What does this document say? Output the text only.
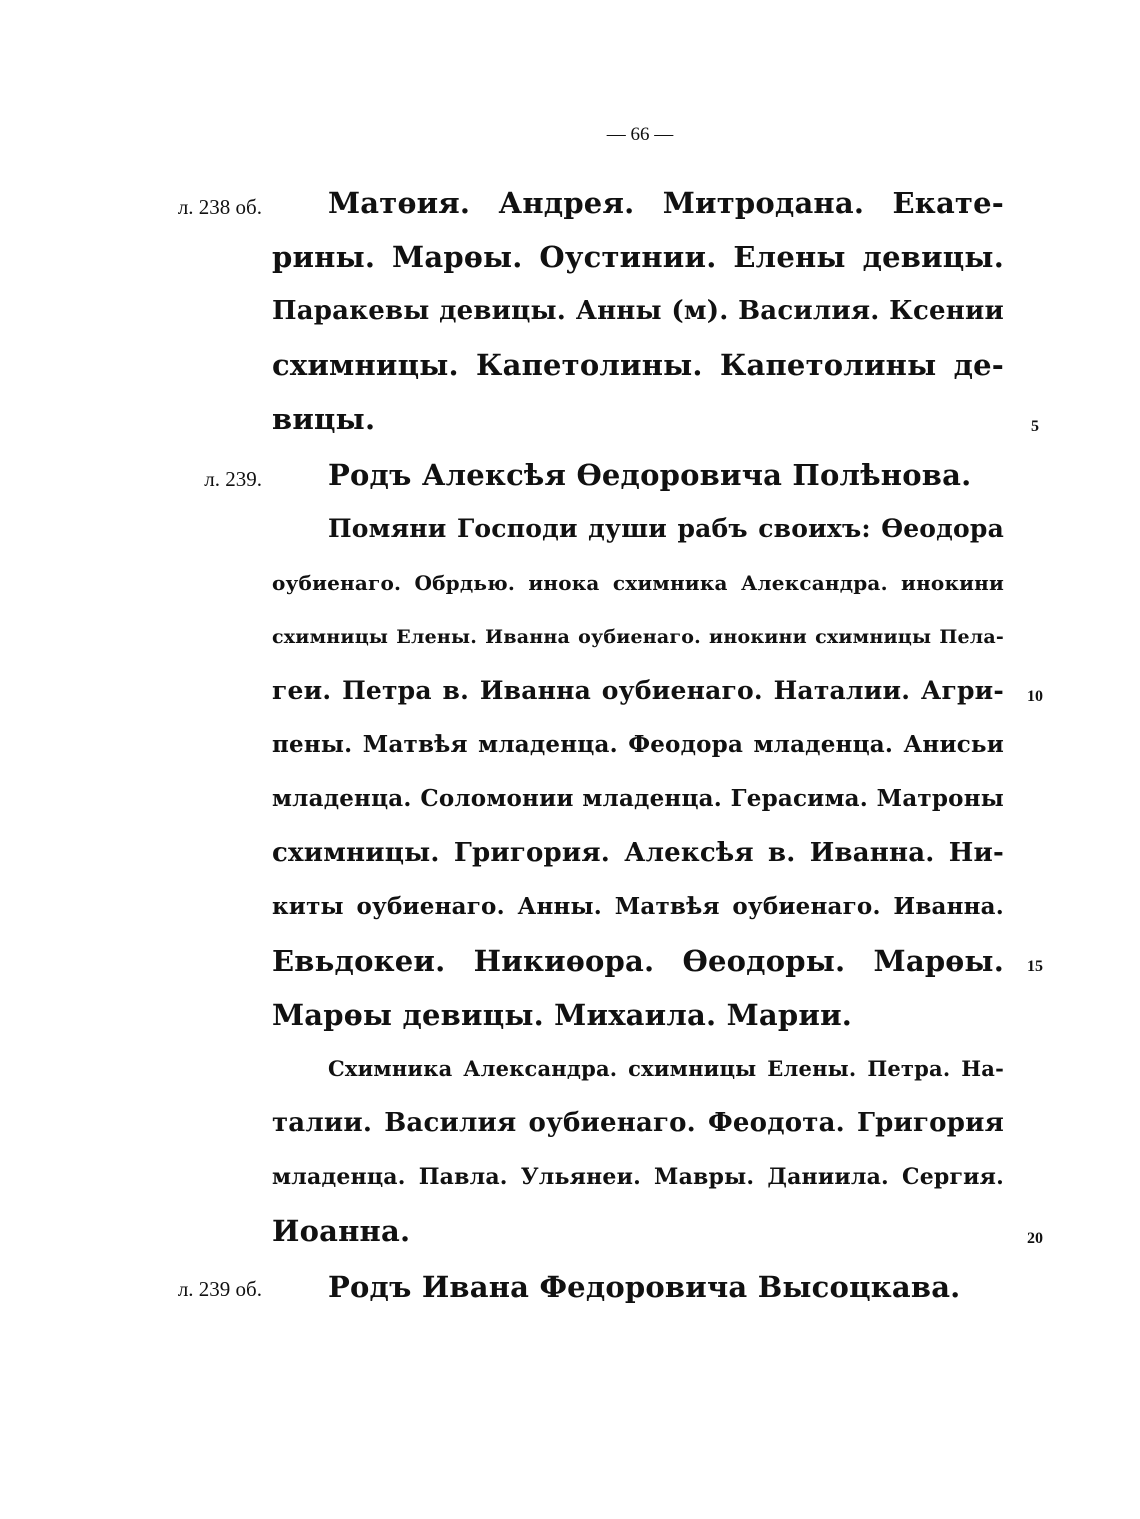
— 66 —
л. 238 об.
л. 239.
л. 239 об.
5
10
15
20
Матѳия. Андрея. Митродана. Екате-
рины. Марѳы. Оустинии. Елены девицы.
Паракевы девицы. Анны (м). Василия. Ксении
схимницы. Капетолины. Капетолины де-
вицы.
Родъ Алексѣя Ѳедоровича Полѣнова.
Помяни Господи души рабъ своихъ: Ѳеодора
оубиенаго. Обрдью. инока схимника Александра. инокини
схимницы Елены. Иванна оубиенаго. инокини схимницы Пела-
геи. Петра в. Иванна оубиенаго. Наталии. Агри-
пены. Матвѣя младенца. Феодора младенца. Анисьи
младенца. Соломонии младенца. Герасима. Матроны
схимницы. Григория. Алексѣя в. Иванна. Ни-
киты оубиенаго. Анны. Матвѣя оубиенаго. Иванна.
Евьдокеи. Никиѳора. Ѳеодоры. Марѳы.
Марѳы девицы. Михаила. Марии.
Схимника Александра. схимницы Елены. Петра. На-
талии. Василия оубиенаго. Феодота. Григория
младенца. Павла. Ульянеи. Мавры. Даниила. Сергия.
Иоанна.
Родъ Ивана Федоровича Высоцкава.
